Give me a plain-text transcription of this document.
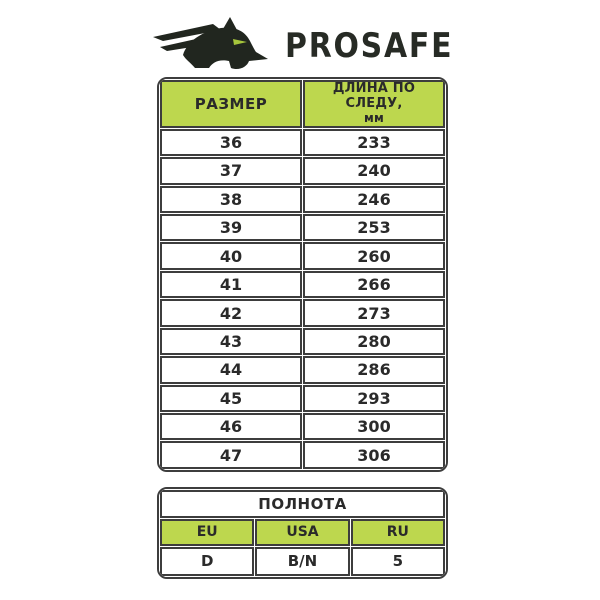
PROSAFE
РАЗМЕР	ДЛИНА ПО СЛЕДУ,
мм

36	233
37	240
38	246
39	253
40	260
41	266
42	273
43	280
44	286
45	293
46	300
47	306
ПОЛНОТА		
EU	USA	RU
D	B/N	5
